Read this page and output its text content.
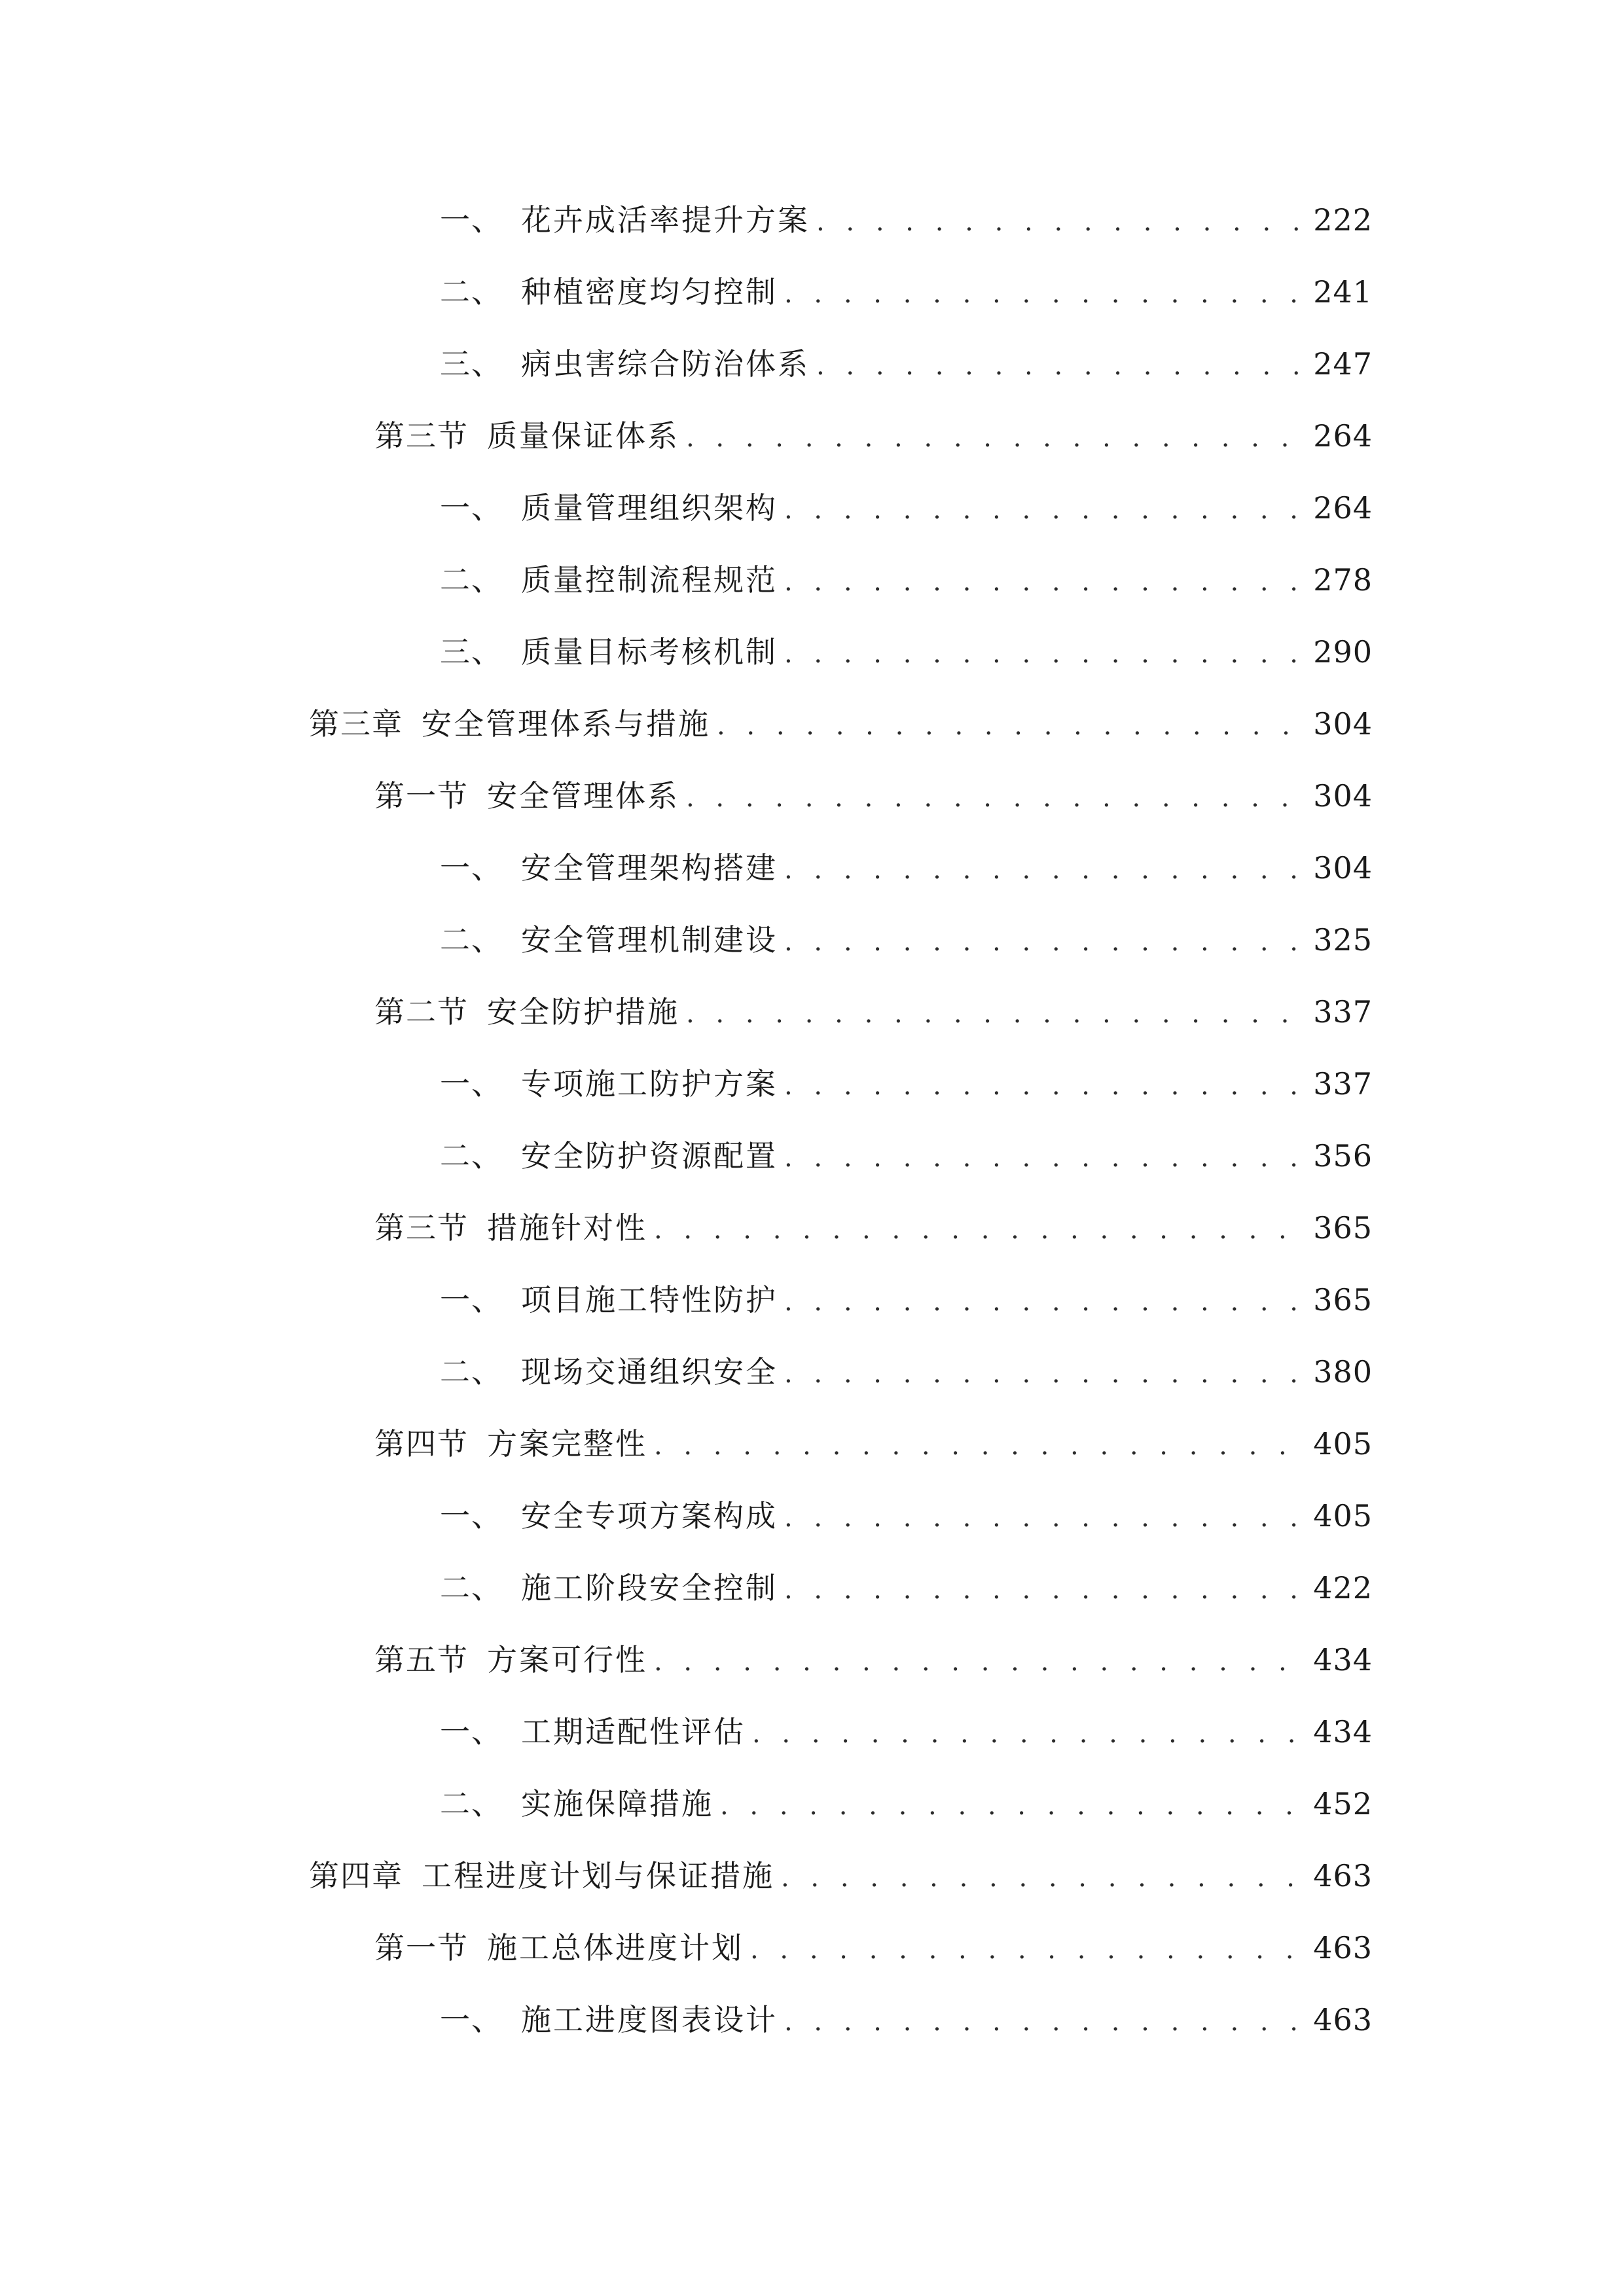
一、 花卉成活率提升方案 . . .	222
二、 种植密度均匀控制 . . .	241
三、 病虫害综合防治体系 . . .	247
第三节 质量保证体系 . . .	264
一、 质量管理组织架构 . . .	264
二、 质量控制流程规范 . . .	278
三、 质量目标考核机制 . . .	290
第三章 安全管理体系与措施 . . .	304
第一节 安全管理体系 . . .	304
一、 安全管理架构搭建 . . .	304
二、 安全管理机制建设 . . .	325
第二节 安全防护措施 . . .	337
一、 专项施工防护方案 . . .	337
二、 安全防护资源配置 . . .	356
第三节 措施针对性 . . .	365
一、 项目施工特性防护 . . .	365
二、 现场交通组织安全 . . .	380
第四节 方案完整性 . . .	405
一、 安全专项方案构成 . . .	405
二、 施工阶段安全控制 . . .	422
第五节 方案可行性 . . .	434
一、 工期适配性评估 . . .	434
二、 实施保障措施 . . .	452
第四章 工程进度计划与保证措施 . . .	463
第一节 施工总体进度计划 . . .	463
一、 施工进度图表设计 . . .	463
